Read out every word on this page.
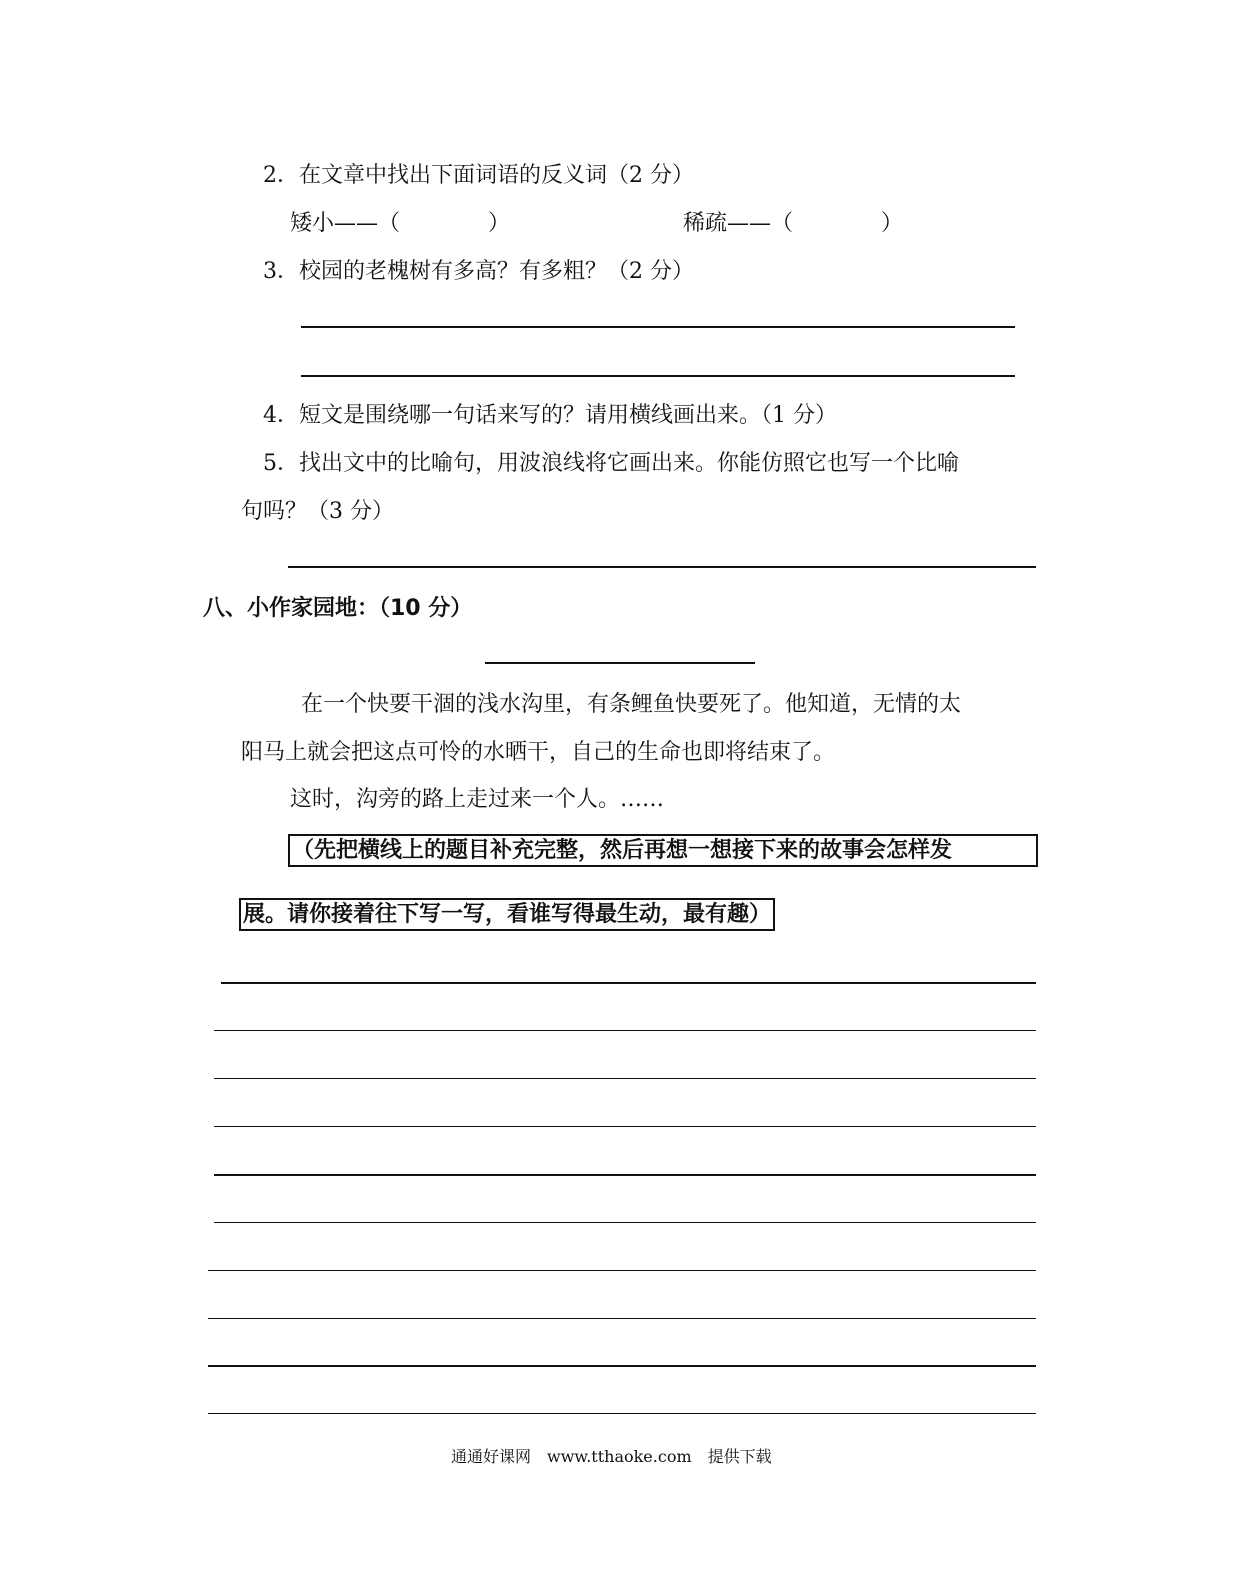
2．在文章中找出下面词语的反义词（2 分）
矮小——（　　　　）	稀疏——（　　　　）
3．校园的老槐树有多高？有多粗？（2 分）
4．短文是围绕哪一句话来写的？请用横线画出来。（1 分）
5．找出文中的比喻句，用波浪线将它画出来。你能仿照它也写一个比喻
句吗？（3 分）
八、小作家园地：（10 分）
在一个快要干涸的浅水沟里，有条鲤鱼快要死了。他知道，无情的太
阳马上就会把这点可怜的水晒干，自己的生命也即将结束了。
这时，沟旁的路上走过来一个人。……
（先把横线上的题目补充完整，然后再想一想接下来的故事会怎样发
展。请你接着往下写一写，看谁写得最生动，最有趣）
通通好课网　www.tthaoke.com　提供下载
